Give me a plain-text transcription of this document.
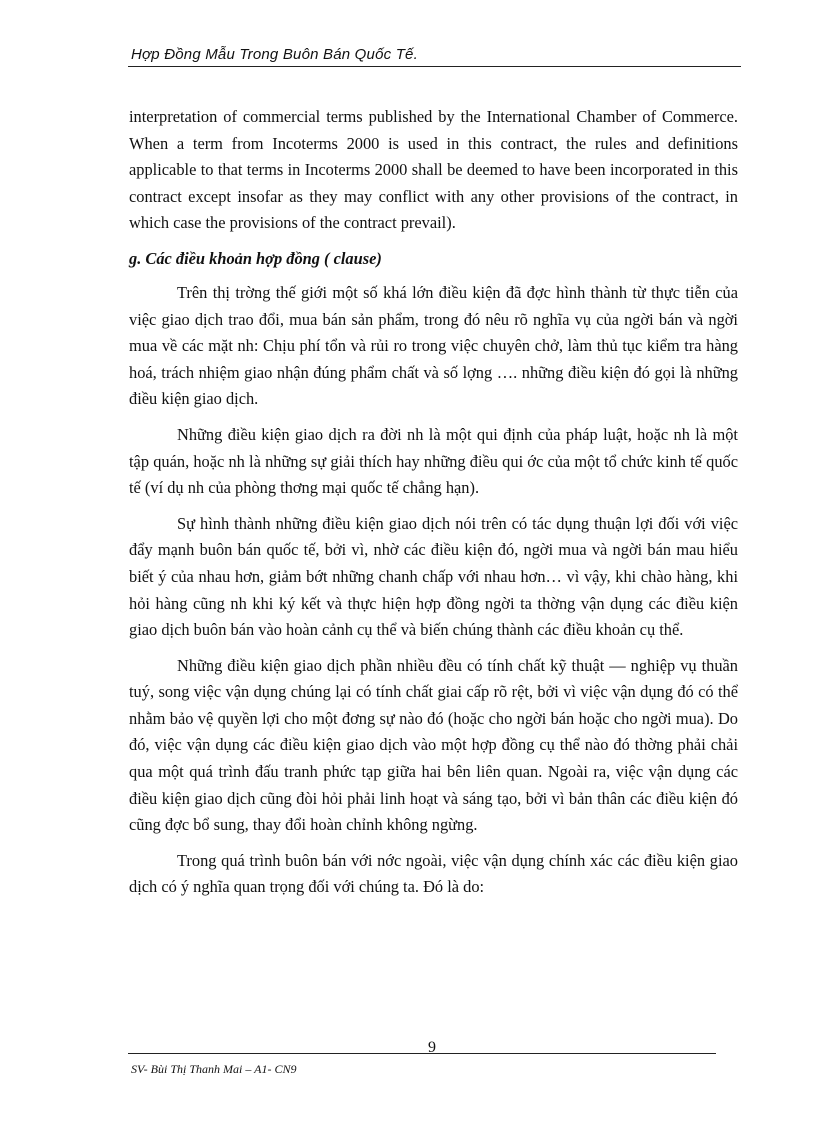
Hợp Đồng Mẫu Trong Buôn Bán Quốc Tế.

interpretation of commercial terms published by the International Chamber of Commerce. When a term from Incoterms 2000 is used in this contract, the rules and definitions applicable to that terms in Incoterms 2000 shall be deemed to have been incorporated in this contract except insofar as they may conflict with any other provisions of the contract, in which case the provisions of the contract prevail).

g. Các điều khoản hợp đồng ( clause)

Trên thị trờng thế giới một số khá lớn điều kiện đã đợc hình thành từ thực tiễn của việc giao dịch trao đổi, mua bán sản phẩm, trong đó nêu rõ nghĩa vụ của ngời bán và ngời mua về các mặt nh: Chịu phí tổn và rủi ro trong việc chuyên chở, làm thủ tục kiểm tra hàng hoá, trách nhiệm giao nhận đúng phẩm chất và số lợng …. những điều kiện đó gọi là những điều kiện giao dịch.

Những điều kiện giao dịch ra đời nh là một qui định của pháp luật, hoặc nh là một tập quán, hoặc nh là những sự giải thích hay những điều qui ớc của một tổ chức kinh tế quốc tế (ví dụ nh của phòng thơng mại quốc tế chẳng hạn).

Sự hình thành những điều kiện giao dịch nói trên có tác dụng thuận lợi đối với việc đẩy mạnh buôn bán quốc tế, bởi vì, nhờ các điều kiện đó, ngời mua và ngời bán mau hiểu biết ý của nhau hơn, giảm bớt những chanh chấp với nhau hơn… vì vậy, khi chào hàng, khi hỏi hàng cũng nh khi ký kết và thực hiện hợp đồng ngời ta thờng vận dụng các điều kiện giao dịch buôn bán vào hoàn cảnh cụ thể và biến chúng thành các điều khoản cụ thể.

Những điều kiện giao dịch phần nhiều đều có tính chất kỹ thuật — nghiệp vụ thuần tuý, song việc vận dụng chúng lại có tính chất giai cấp rõ rệt, bởi vì việc vận dụng đó có thể nhằm bảo vệ quyền lợi cho một đơng sự nào đó (hoặc cho ngời bán hoặc cho ngời mua). Do đó, việc vận dụng các điều kiện giao dịch vào một hợp đồng cụ thể nào đó thờng phải chải qua một quá trình đấu tranh phức tạp giữa hai bên liên quan. Ngoài ra, việc vận dụng các điều kiện giao dịch cũng đòi hỏi phải linh hoạt và sáng tạo, bởi vì bản thân các điều kiện đó cũng đợc bổ sung, thay đổi hoàn chỉnh không ngừng.

Trong quá trình buôn bán với nớc ngoài, việc vận dụng chính xác các điều kiện giao dịch có ý nghĩa quan trọng đối với chúng ta. Đó là do:

9
SV- Bùi Thị Thanh Mai – A1- CN9
